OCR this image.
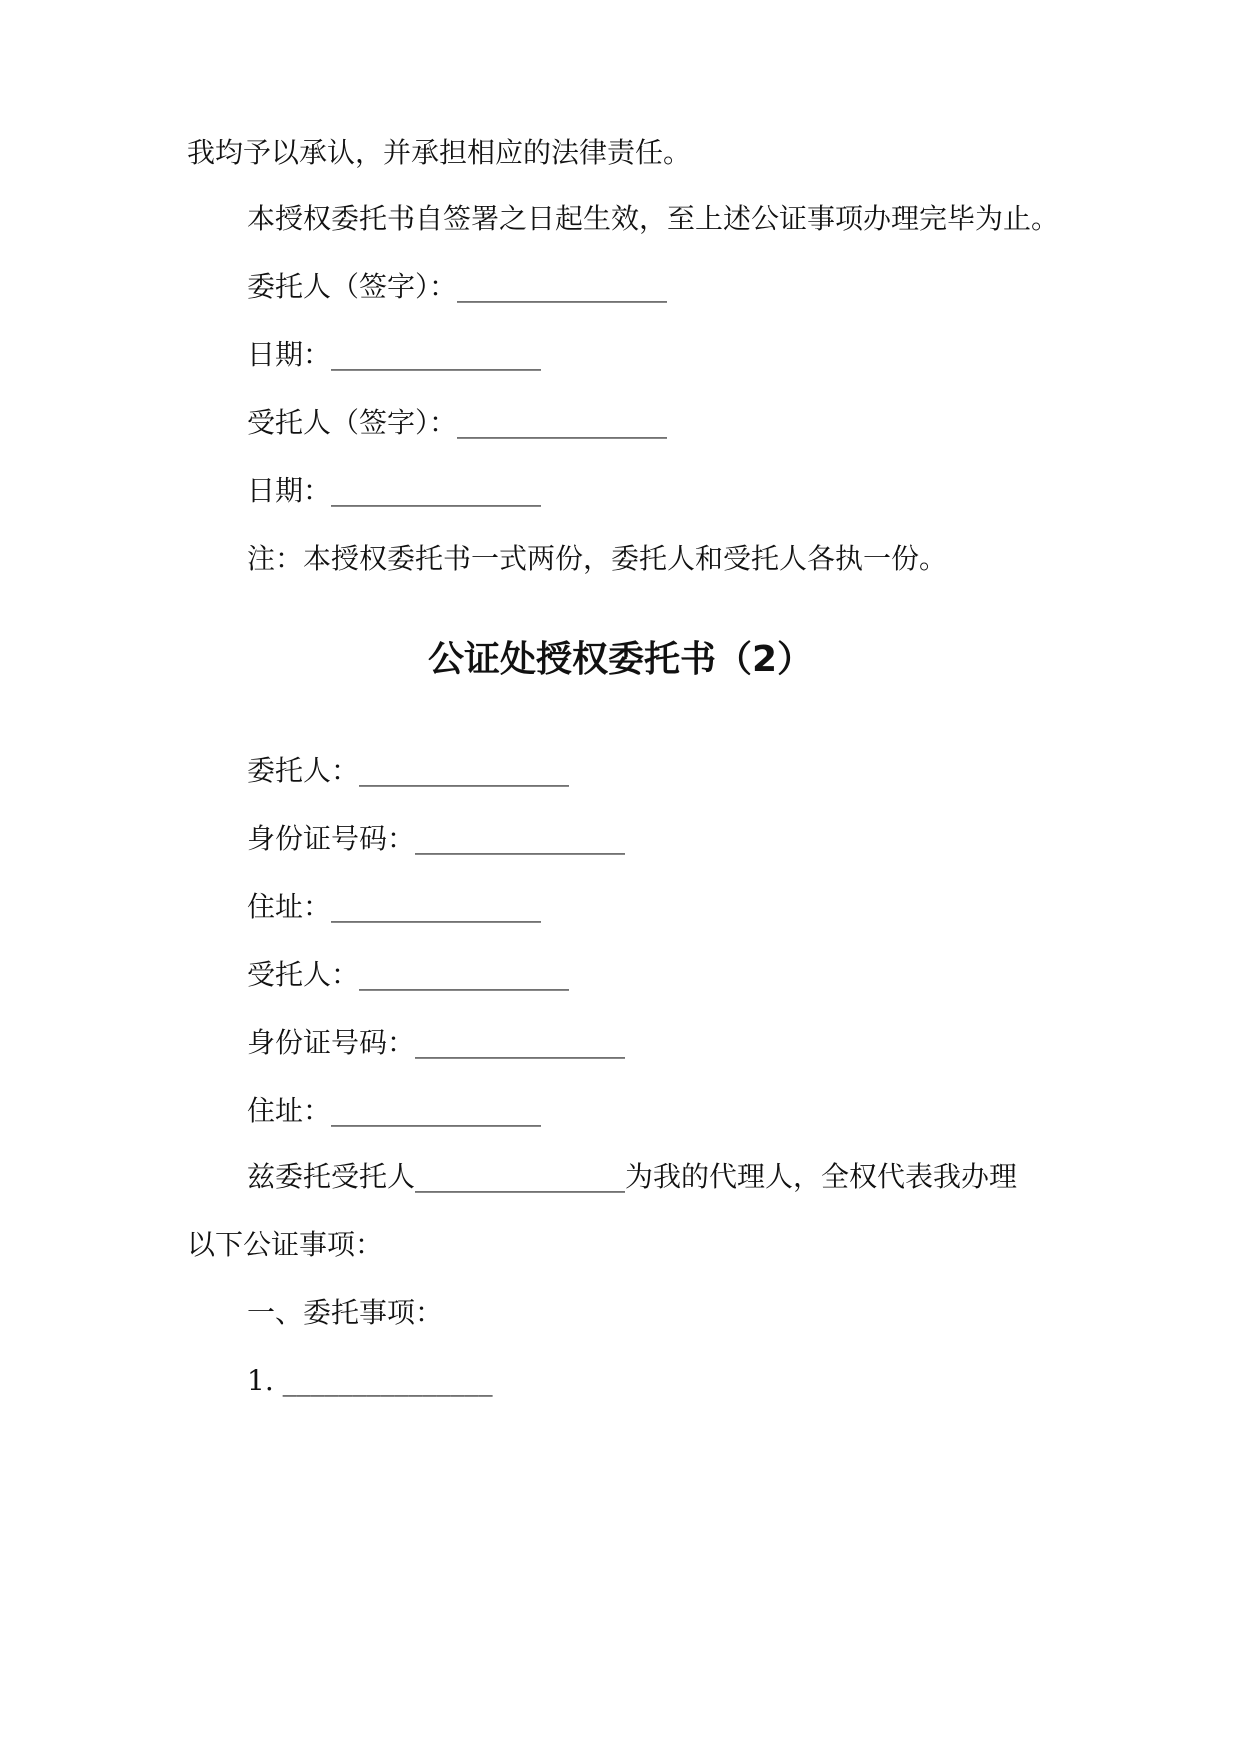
我均予以承认，并承担相应的法律责任。
本授权委托书自签署之日起生效，至上述公证事项办理完毕为止。
委托人（签字）：_______________
日期：_______________
受托人（签字）：_______________
日期：_______________
注：本授权委托书一式两份，委托人和受托人各执一份。
公证处授权委托书（2）
委托人：_______________
身份证号码：_______________
住址：_______________
受托人：_______________
身份证号码：_______________
住址：_______________
兹委托受托人_______________为我的代理人，全权代表我办理
以下公证事项：
一、委托事项：
1. _______________
